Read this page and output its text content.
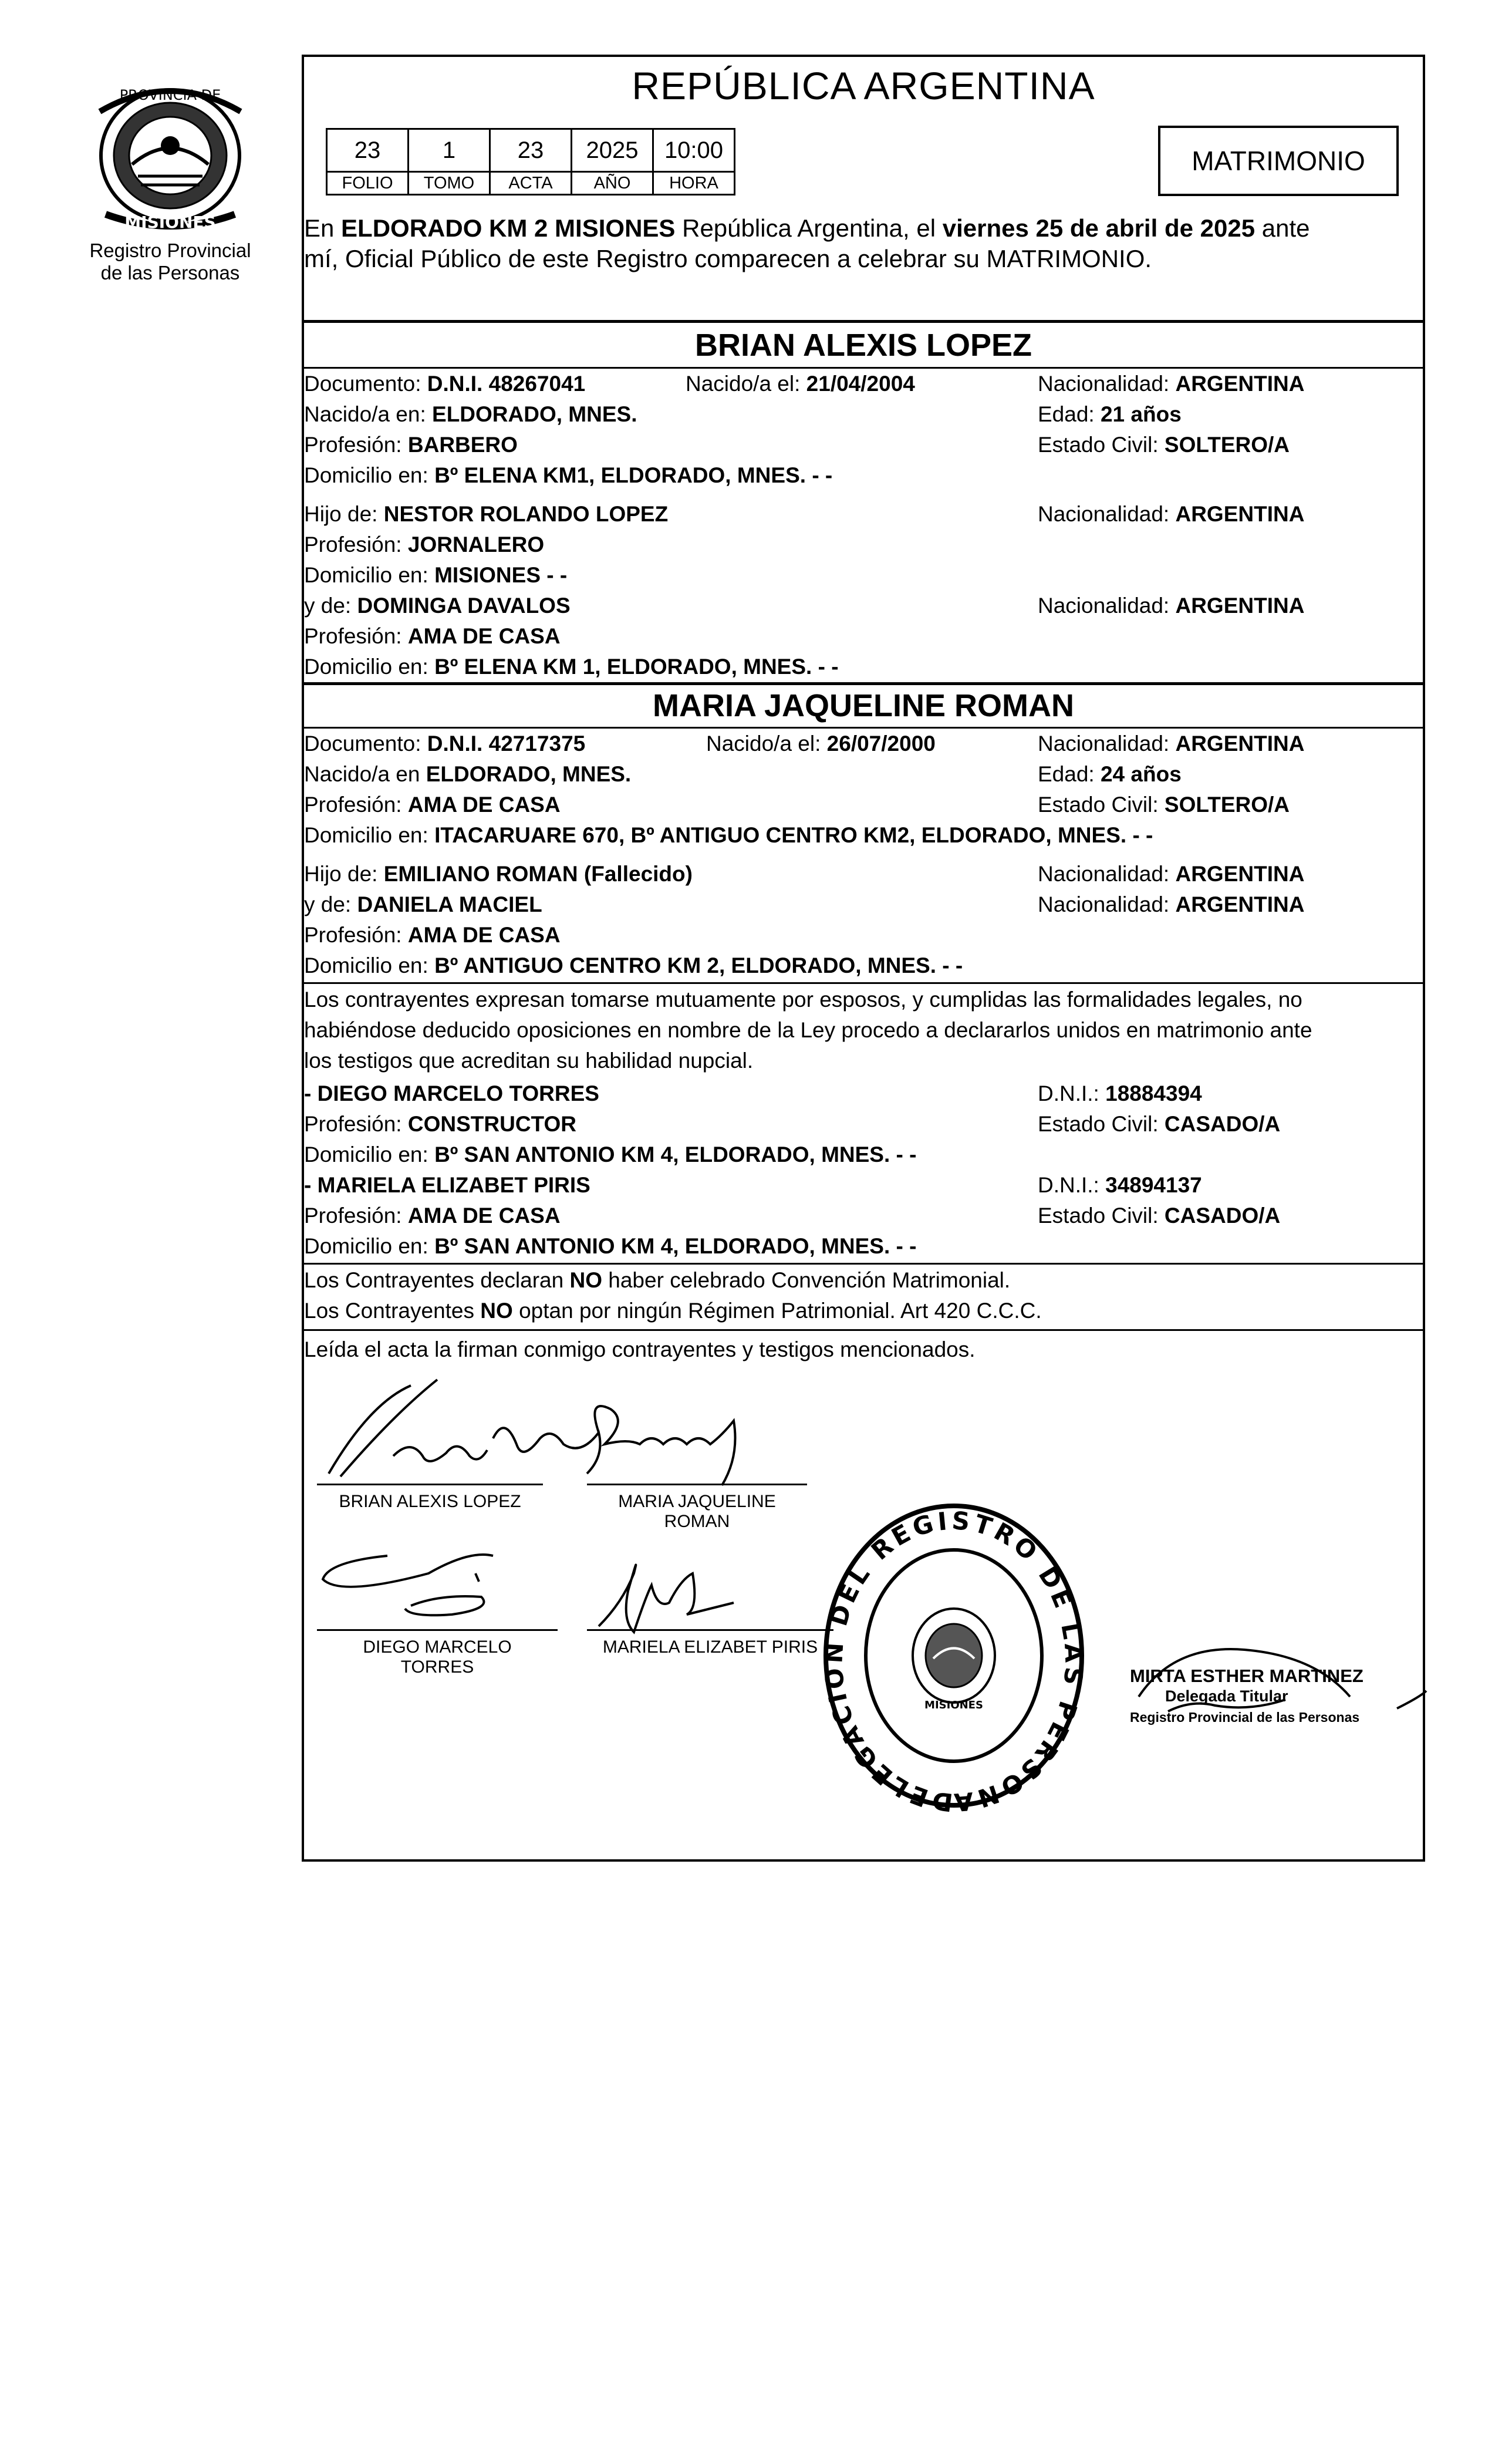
PROVINCIA DE
MISIONES
Registro Provincial
de las Personas
REPÚBLICA ARGENTINA
23	1	23	2025	10:00
FOLIO	TOMO	ACTA	AÑO	HORA
MATRIMONIO
En ELDORADO KM 2 MISIONES República Argentina, el viernes 25 de abril de 2025 ante
mí, Oficial Público de este Registro comparecen a celebrar su MATRIMONIO.
BRIAN ALEXIS LOPEZ
Documento: D.N.I. 48267041	Nacido/a el: 21/04/2004	Nacionalidad: ARGENTINA
Nacido/a en: ELDORADO, MNES.	Edad: 21 años
Profesión: BARBERO	Estado Civil: SOLTERO/A
Domicilio en: Bº ELENA KM1, ELDORADO, MNES. - -
Hijo de: NESTOR ROLANDO LOPEZ	Nacionalidad: ARGENTINA
Profesión: JORNALERO
Domicilio en: MISIONES - -
y de: DOMINGA DAVALOS	Nacionalidad: ARGENTINA
Profesión: AMA DE CASA
Domicilio en: Bº ELENA KM 1, ELDORADO, MNES. - -
MARIA JAQUELINE ROMAN
Documento: D.N.I. 42717375	Nacido/a el: 26/07/2000	Nacionalidad: ARGENTINA
Nacido/a en ELDORADO, MNES.	Edad: 24 años
Profesión: AMA DE CASA	Estado Civil: SOLTERO/A
Domicilio en: ITACARUARE 670, Bº ANTIGUO CENTRO KM2, ELDORADO, MNES. - -
Hijo de: EMILIANO ROMAN (Fallecido)	Nacionalidad: ARGENTINA
y de: DANIELA MACIEL	Nacionalidad: ARGENTINA
Profesión: AMA DE CASA
Domicilio en: Bº ANTIGUO CENTRO KM 2, ELDORADO, MNES. - -
Los contrayentes expresan tomarse mutuamente por esposos, y cumplidas las formalidades legales, no
habiéndose deducido oposiciones en nombre de la Ley procedo a declararlos unidos en matrimonio ante
los testigos que acreditan su habilidad nupcial.
- DIEGO MARCELO TORRES	D.N.I.: 18884394
Profesión: CONSTRUCTOR	Estado Civil: CASADO/A
Domicilio en: Bº SAN ANTONIO KM 4, ELDORADO, MNES. - -
- MARIELA ELIZABET PIRIS	D.N.I.: 34894137
Profesión: AMA DE CASA	Estado Civil: CASADO/A
Domicilio en: Bº SAN ANTONIO KM 4, ELDORADO, MNES. - -
Los Contrayentes declaran NO haber celebrado Convención Matrimonial.
Los Contrayentes NO optan por ningún Régimen Patrimonial. Art 420 C.C.C.
Leída el acta la firman conmigo contrayentes y testigos mencionados.
BRIAN ALEXIS LOPEZ	MARIA JAQUELINE
ROMAN
DIEGO MARCELO
TORRES
MARIELA ELIZABET PIRIS
DELEGACION DEL REGISTRO DE LAS PERSONAS KM 2 EL DORADO
MISIONES
MIRTA ESTHER MARTINEZ
Delegada Titular
Registro Provincial de las Personas
